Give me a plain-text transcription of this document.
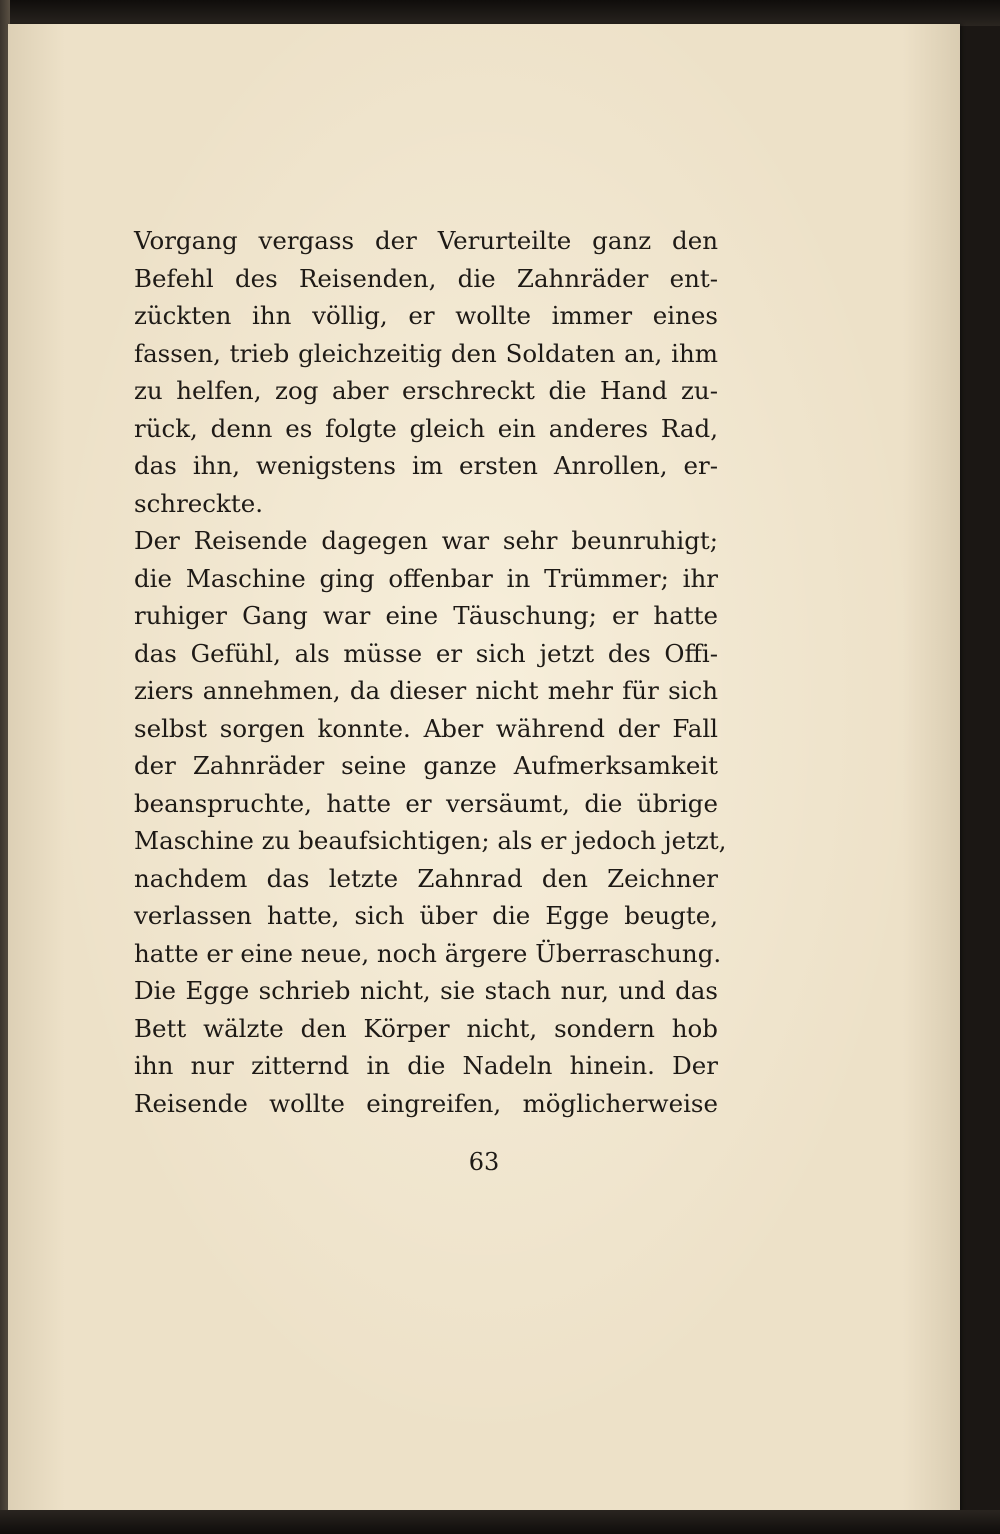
Vorgang vergass der Verurteilte ganz den
Befehl des Reisenden, die Zahnräder ent-
zückten ihn völlig, er wollte immer eines
fassen, trieb gleichzeitig den Soldaten an, ihm
zu helfen, zog aber erschreckt die Hand zu-
rück, denn es folgte gleich ein anderes Rad,
das ihn, wenigstens im ersten Anrollen, er-
schreckte.
Der Reisende dagegen war sehr beunruhigt;
die Maschine ging offenbar in Trümmer; ihr
ruhiger Gang war eine Täuschung; er hatte
das Gefühl, als müsse er sich jetzt des Offi-
ziers annehmen, da dieser nicht mehr für sich
selbst sorgen konnte. Aber während der Fall
der Zahnräder seine ganze Aufmerksamkeit
beanspruchte, hatte er versäumt, die übrige
Maschine zu beaufsichtigen; als er jedoch jetzt,
nachdem das letzte Zahnrad den Zeichner
verlassen hatte, sich über die Egge beugte,
hatte er eine neue, noch ärgere Überraschung.
Die Egge schrieb nicht, sie stach nur, und das
Bett wälzte den Körper nicht, sondern hob
ihn nur zitternd in die Nadeln hinein. Der
Reisende wollte eingreifen, möglicherweise
63
